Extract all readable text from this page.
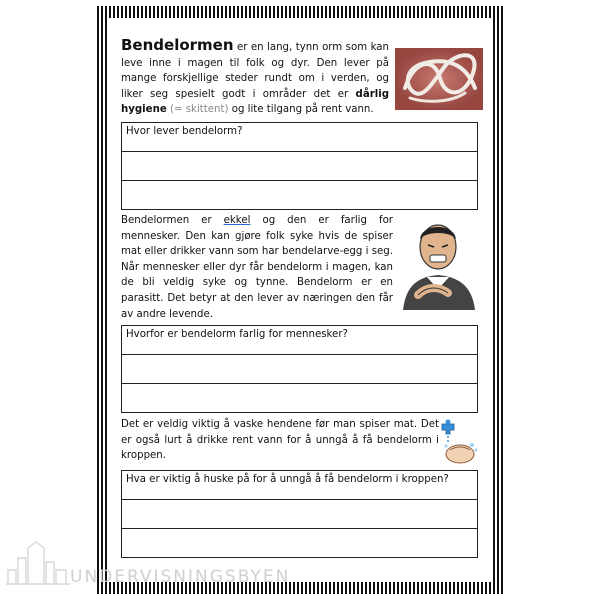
Bendelormen er en lang, tynn orm som kan leve inne i magen til folk og dyr. Den lever på mange forskjellige steder rundt om i verden, og liker seg spesielt godt i områder det er dårlig hygiene (= skittent) og lite tilgang på rent vann.
Hvor lever bendelorm?
Bendelormen er ekkel og den er farlig for mennesker. Den kan gjøre folk syke hvis de spiser mat eller drikker vann som har bendelarve-egg i seg. Når mennesker eller dyr får bendelorm i magen, kan de bli veldig syke og tynne. Bendelorm er en parasitt. Det betyr at den lever av næringen den får av andre levende.
Hvorfor er bendelorm farlig for mennesker?
Det er veldig viktig å vaske hendene før man spiser mat. Det er også lurt å drikke rent vann for å unngå å få bendelorm i kroppen.
Hva er viktig å huske på for å unngå å få bendelorm i kroppen?
UNDERVISNINGSBYEN
